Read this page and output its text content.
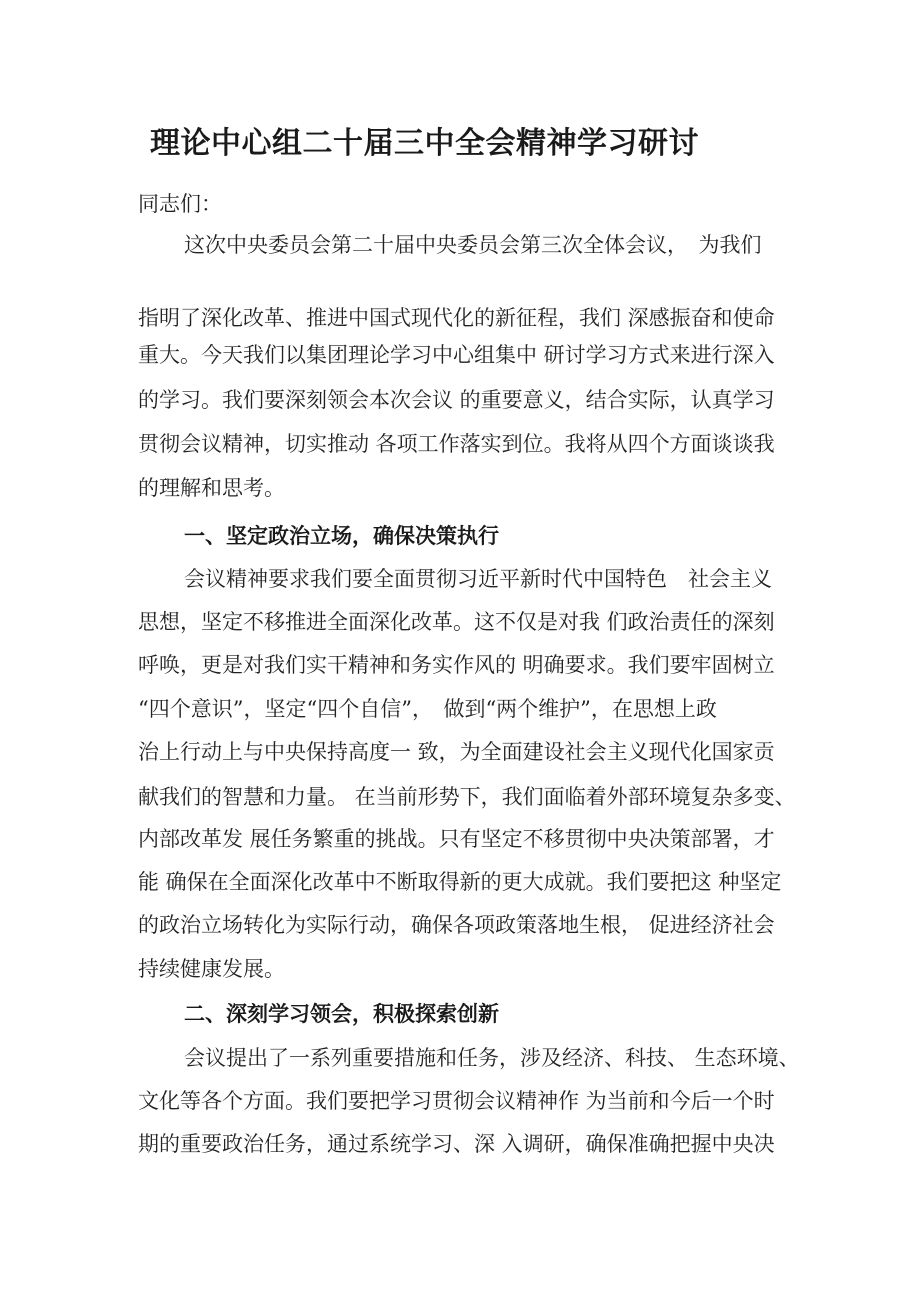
理论中心组二十届三中全会精神学习研讨
同志们：
这次中央委员会第二十届中央委员会第三次全体会议，　为我们
指明了深化改革、推进中国式现代化的新征程，我们 深感振奋和使命
重大。今天我们以集团理论学习中心组集中 研讨学习方式来进行深入
的学习。我们要深刻领会本次会议 的重要意义，结合实际，认真学习
贯彻会议精神，切实推动 各项工作落实到位。我将从四个方面谈谈我
的理解和思考。
一、坚定政治立场，确保决策执行
会议精神要求我们要全面贯彻习近平新时代中国特色　社会主义
思想，坚定不移推进全面深化改革。这不仅是对我 们政治责任的深刻
呼唤，更是对我们实干精神和务实作风的 明确要求。我们要牢固树立
“四个意识”，坚定“四个自信”，　做到“两个维护”，在思想上政
治上行动上与中央保持高度一 致，为全面建设社会主义现代化国家贡
献我们的智慧和力量。 在当前形势下，我们面临着外部环境复杂多变、
内部改革发 展任务繁重的挑战。只有坚定不移贯彻中央决策部署，才
能 确保在全面深化改革中不断取得新的更大成就。我们要把这 种坚定
的政治立场转化为实际行动，确保各项政策落地生根， 促进经济社会
持续健康发展。
二、深刻学习领会，积极探索创新
会议提出了一系列重要措施和任务，涉及经济、科技、 生态环境、
文化等各个方面。我们要把学习贯彻会议精神作 为当前和今后一个时
期的重要政治任务，通过系统学习、深 入调研，确保准确把握中央决
